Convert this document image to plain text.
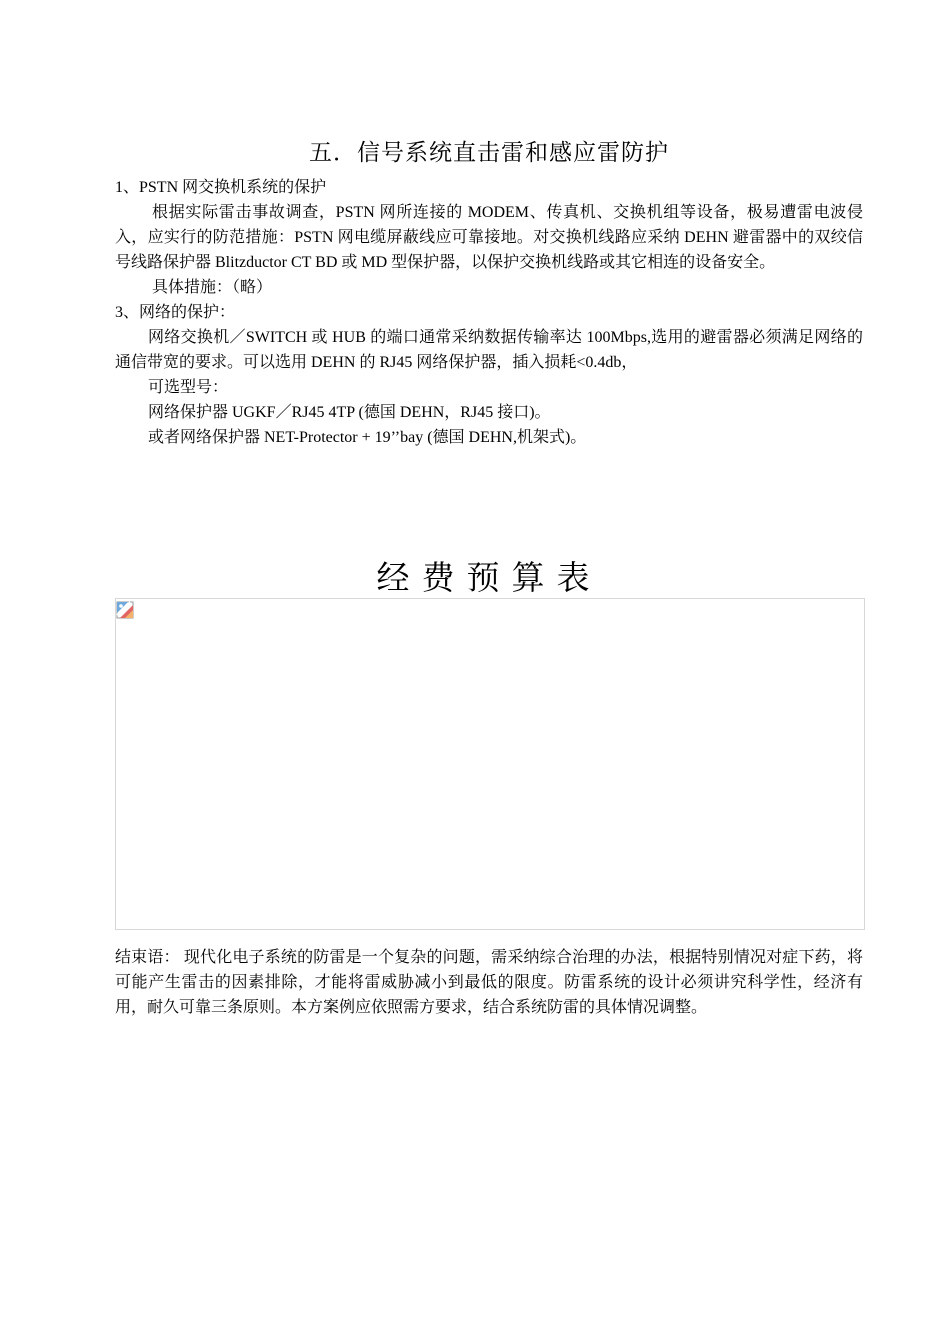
五．信号系统直击雷和感应雷防护

1、PSTN 网交换机系统的保护

根据实际雷击事故调查，PSTN 网所连接的 MODEM、传真机、交换机组等设备，极易遭雷电波侵入，应实行的防范措施：PSTN 网电缆屏蔽线应可靠接地。对交换机线路应采纳 DEHN 避雷器中的双绞信号线路保护器 Blitzductor CT BD 或 MD 型保护器，以保护交换机线路或其它相连的设备安全。

具体措施：（略）

3、网络的保护：

网络交换机／SWITCH 或 HUB 的端口通常采纳数据传输率达 100Mbps,选用的避雷器必须满足网络的通信带宽的要求。可以选用 DEHN 的 RJ45 网络保护器，插入损耗<0.4db，

可选型号：

网络保护器 UGKF／RJ45 4TP (德国 DEHN，RJ45 接口)。

或者网络保护器 NET-Protector + 19’’bay (德国 DEHN,机架式)。

经费预算表

结束语： 现代化电子系统的防雷是一个复杂的问题，需采纳综合治理的办法，根据特别情况对症下药，将可能产生雷击的因素排除，才能将雷威胁减小到最低的限度。防雷系统的设计必须讲究科学性，经济有用，耐久可靠三条原则。本方案例应依照需方要求，结合系统防雷的具体情况调整。
